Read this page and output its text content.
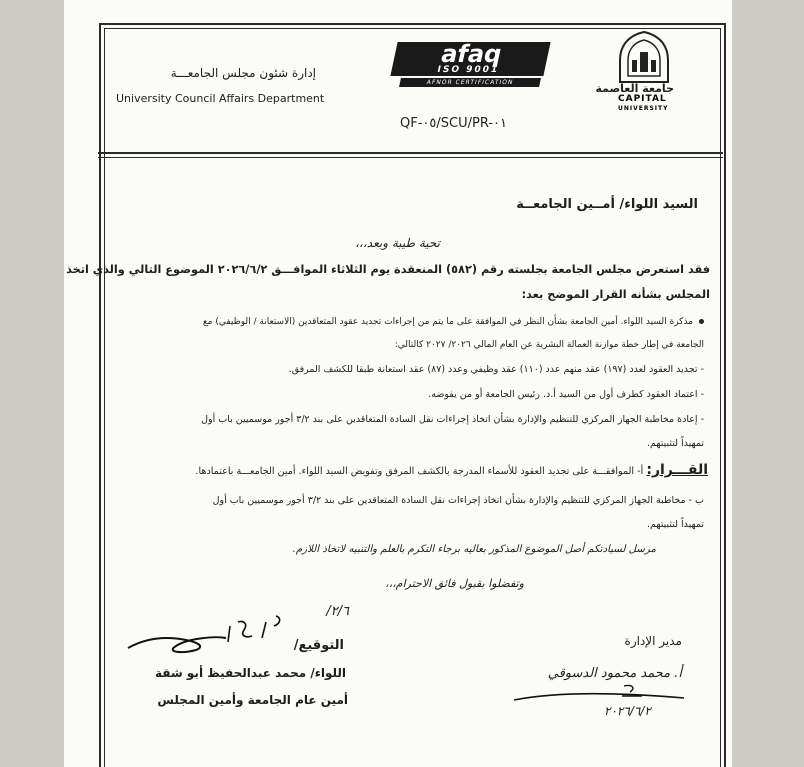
إدارة شئون مجلس الجامعـــة
University Council Affairs Department
afaq
ISO 9001
AFNOR CERTIFICATION
QF-٠٥/SCU/PR-٠١
جامعة العاصمة
CAPITAL
UNIVERSITY
السيد اللواء/ أمــين الجامعــة
تحية طيبة وبعد،،،
فقد استعرض مجلس الجامعة بجلسته رقم (٥٨٢) المنعقدة يوم الثلاثاء الموافـــق ٢٠٢٦/٦/٢ الموضوع التالي والذي اتخذ
المجلس بشأنه القرار الموضح بعد:
مذكرة السيد اللواء. أمين الجامعة بشأن النظر في الموافقة على ما يتم من إجراءات تجديد عقود المتعاقدين (الاستعانة / الوظيفي) مع
الجامعة في إطار خطة موازنة العمالة البشرية عن العام المالي ٢٠٢٦/ ٢٠٢٧ كالتالي:
- تجديد العقود لعدد (١٩٧) عقد منهم عدد (١١٠) عقد وظيفي وعدد (٨٧) عقد استعانة طبقا للكشف المرفق.
- اعتماد العقود كطرف أول من السيد أ.د. رئيس الجامعة أو من يفوضه.
- إعادة مخاطبة الجهاز المركزي للتنظيم والإدارة بشأن اتخاذ إجراءات نقل السادة المتعاقدين على بند ٣/٢ أجور موسميين باب أول
تمهيداً لتثبيتهم.
القـــرار: أ- الموافقـــة على تجديد العقود للأسماء المدرجة بالكشف المرفق وتفويض السيد اللواء. أمين الجامعـــة باعتمادها.
ب - مخاطبة الجهاز المركزي للتنظيم والإدارة بشأن اتخاذ إجراءات نقل السادة المتعاقدين على بند ٣/٢ أجور موسميين باب أول
تمهيداً لتثبيتهم.
مرسل لسيادتكم أصل الموضوع المذكور بعاليه برجاء التكرم بالعلم والتنبيه لاتخاذ اللازم.
وتفضلوا بقبول فائق الاحترام،،،
التوقيع/
٢/٦/
اللواء/ محمد عبدالحفيظ أبو شقة
أمين عام الجامعة وأمين المجلس
مدير الإدارة
أ. محمد محمود الدسوقي
٢٠٢٦/٦/٢
